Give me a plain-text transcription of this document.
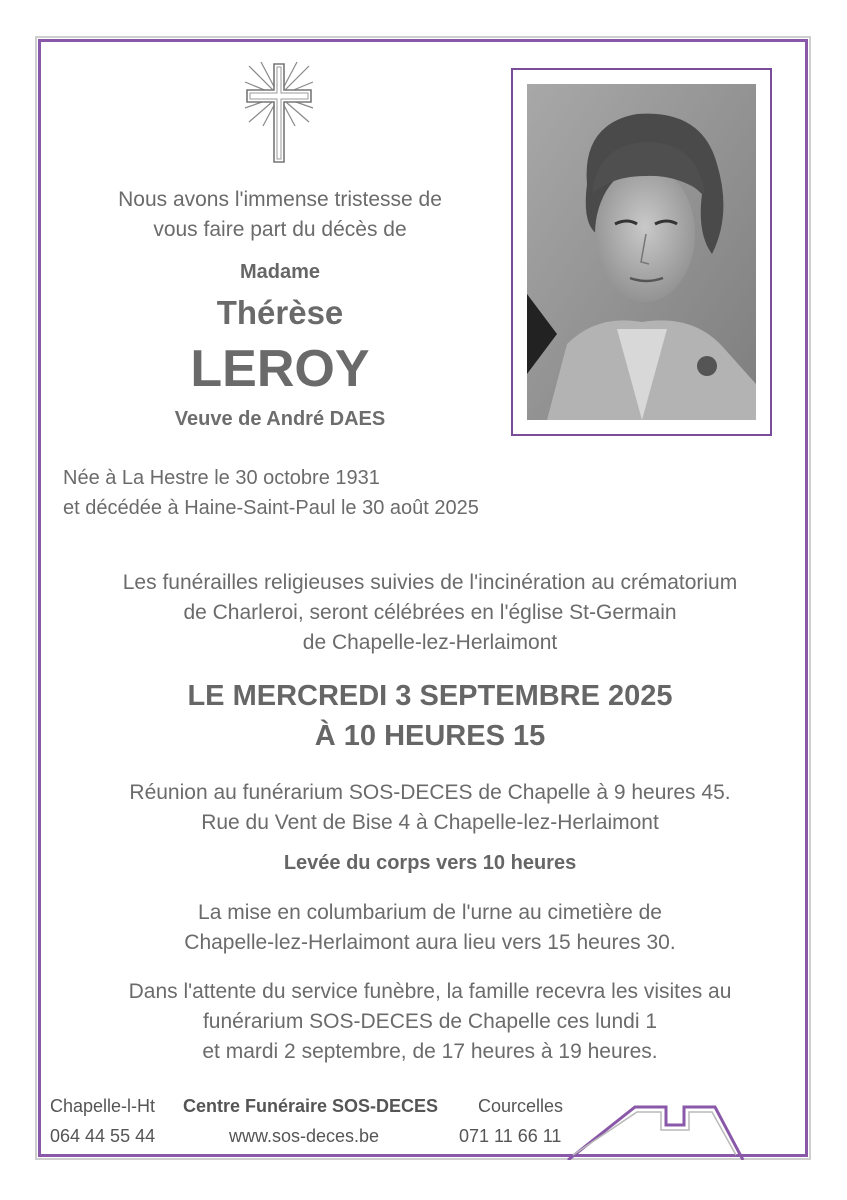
Nous avons l'immense tristesse de
vous faire part du décès de
Madame
Thérèse
LEROY
Veuve de André DAES
Née à La Hestre le 30 octobre 1931
et décédée à Haine-Saint-Paul le 30 août 2025
Les funérailles religieuses suivies de l'incinération au crématorium
de Charleroi, seront célébrées en l'église St-Germain
de Chapelle-lez-Herlaimont
LE MERCREDI 3 SEPTEMBRE 2025
À 10 HEURES 15
Réunion au funérarium SOS-DECES de Chapelle à 9 heures 45.
Rue du Vent de Bise 4 à Chapelle-lez-Herlaimont
Levée du corps vers 10 heures
La mise en columbarium de l'urne au cimetière de
Chapelle-lez-Herlaimont aura lieu vers 15 heures 30.
Dans l'attente du service funèbre, la famille recevra les visites au
funérarium SOS-DECES de Chapelle ces lundi 1
et mardi 2 septembre, de 17 heures à 19 heures.
Chapelle-l-Ht
064 44 55 44
Centre Funéraire SOS-DECES
www.sos-deces.be
Courcelles
071 11 66 11
